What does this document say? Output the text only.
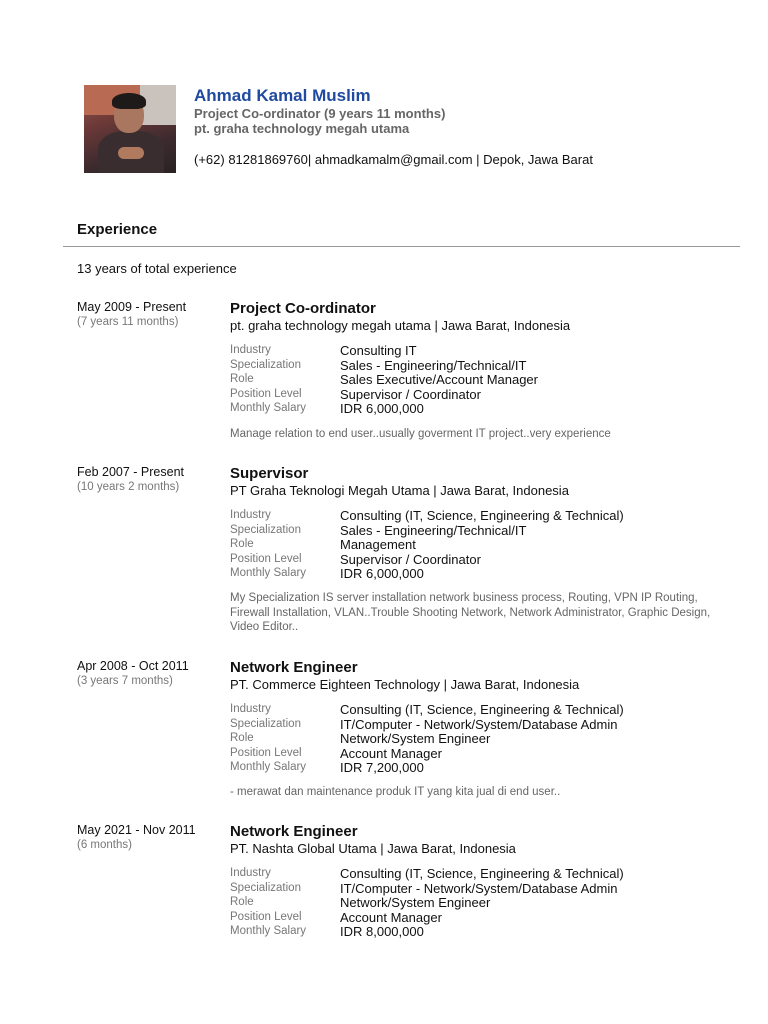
Ahmad Kamal Muslim
Project Co-ordinator (9 years 11 months)
pt. graha technology megah utama
(+62) 81281869760| ahmadkamalm@gmail.com | Depok, Jawa Barat
Experience
13 years of total experience
May 2009 - Present
(7 years 11 months)
Project Co-ordinator
pt. graha technology megah utama | Jawa Barat, Indonesia
Industry	Consulting IT
Specialization	Sales - Engineering/Technical/IT
Role	Sales Executive/Account Manager
Position Level	Supervisor / Coordinator
Monthly Salary	IDR 6,000,000
Manage relation to end user..usually goverment IT project..very experience
Feb 2007 - Present
(10 years 2 months)
Supervisor
PT Graha Teknologi Megah Utama | Jawa Barat, Indonesia
Industry	Consulting (IT, Science, Engineering & Technical)
Specialization	Sales - Engineering/Technical/IT
Role	Management
Position Level	Supervisor / Coordinator
Monthly Salary	IDR 6,000,000
My Specialization IS server installation network business process, Routing, VPN IP Routing, Firewall Installation, VLAN..Trouble Shooting Network, Network Administrator, Graphic Design, Video Editor..
Apr 2008 - Oct 2011
(3 years 7 months)
Network Engineer
PT. Commerce Eighteen Technology | Jawa Barat, Indonesia
Industry	Consulting (IT, Science, Engineering & Technical)
Specialization	IT/Computer - Network/System/Database Admin
Role	Network/System Engineer
Position Level	Account Manager
Monthly Salary	IDR 7,200,000
- merawat dan maintenance produk IT yang kita jual di end user..
May 2021 - Nov 2011
(6 months)
Network Engineer
PT. Nashta Global Utama | Jawa Barat, Indonesia
Industry	Consulting (IT, Science, Engineering & Technical)
Specialization	IT/Computer - Network/System/Database Admin
Role	Network/System Engineer
Position Level	Account Manager
Monthly Salary	IDR 8,000,000
